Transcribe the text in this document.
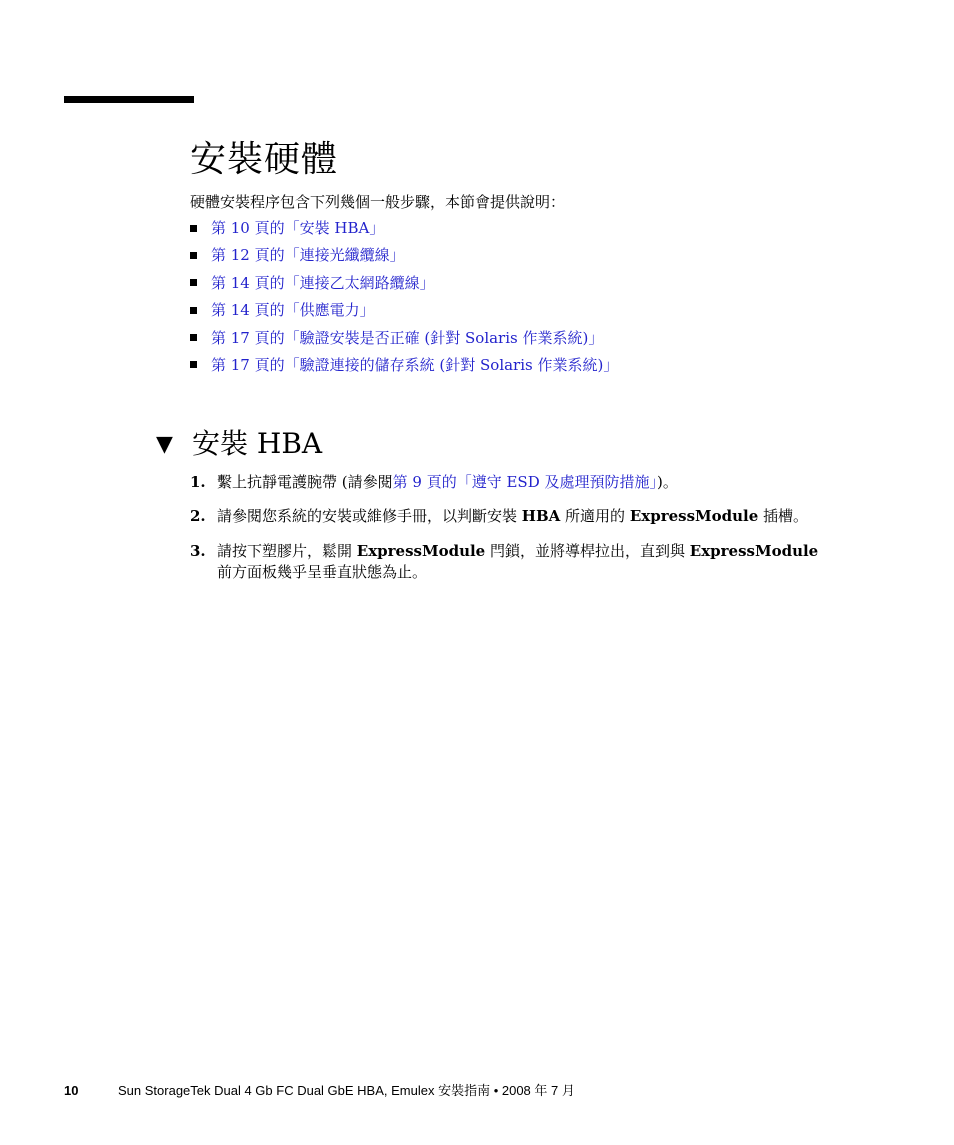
安裝硬體

硬體安裝程序包含下列幾個一般步驟，本節會提供說明：

第 10 頁的「安裝 HBA」
第 12 頁的「連接光纖纜線」
第 14 頁的「連接乙太網路纜線」
第 14 頁的「供應電力」
第 17 頁的「驗證安裝是否正確 (針對 Solaris 作業系統)」
第 17 頁的「驗證連接的儲存系統 (針對 Solaris 作業系統)」
▼ 安裝 HBA
1. 繫上抗靜電護腕帶 (請參閱第 9 頁的「遵守 ESD 及處理預防措施」)。
2. 請參閱您系統的安裝或維修手冊，以判斷安裝 HBA 所適用的 ExpressModule 插槽。
3. 請按下塑膠片，鬆開 ExpressModule 閂鎖，並將導桿拉出，直到與 ExpressModule
前方面板幾乎呈垂直狀態為止。
10	Sun StorageTek Dual 4 Gb FC Dual GbE HBA, Emulex 安裝指南 • 2008 年 7 月
